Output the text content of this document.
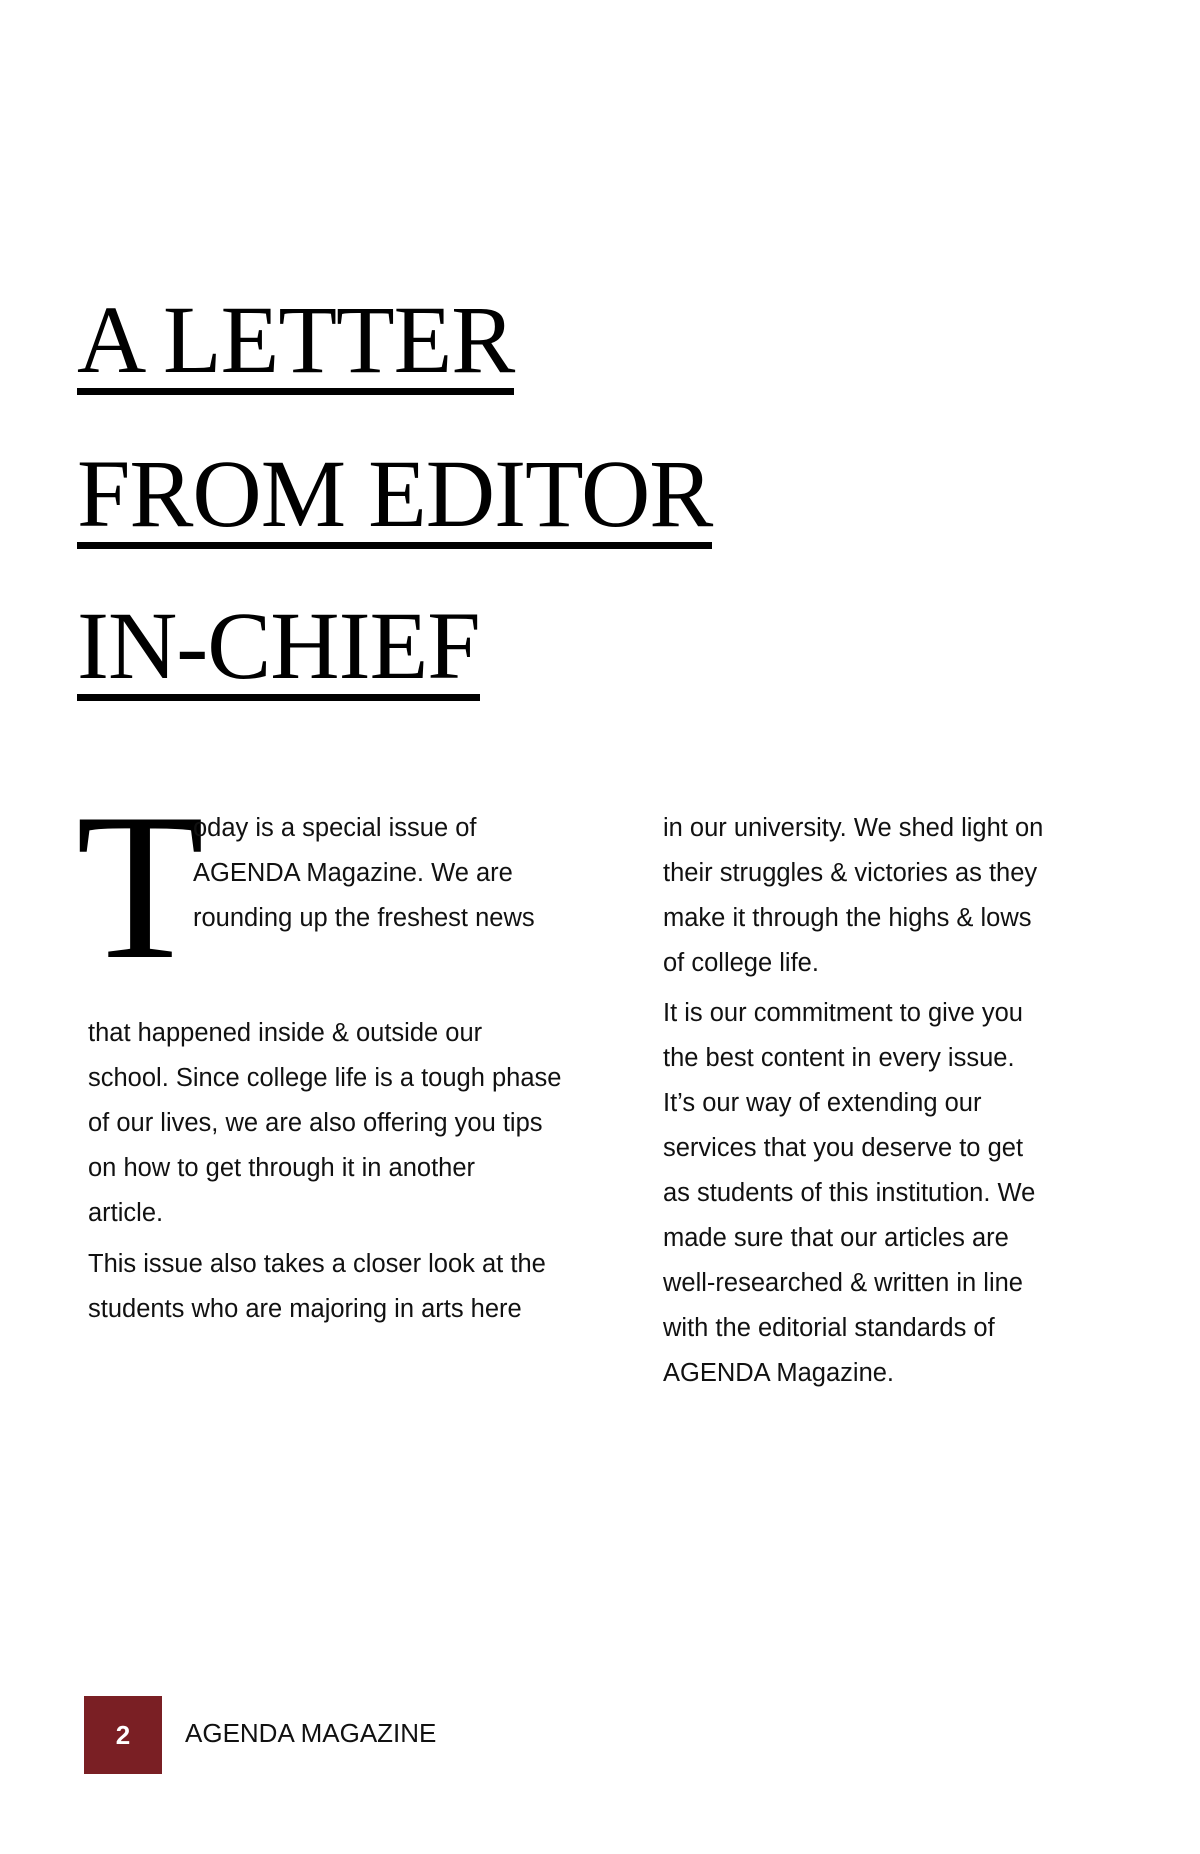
A LETTER
FROM EDITOR
IN-CHIEF
T
oday is a special issue of
AGENDA Magazine. We are
rounding up the freshest news
that happened inside & outside our
school. Since college life is a tough phase
of our lives, we are also offering you tips
on how to get through it in another
article.
This issue also takes a closer look at the
students who are majoring in arts here
in our university. We shed light on
their struggles & victories as they
make it through the highs & lows
of college life.
It is our commitment to give you
the best content in every issue.
It’s our way of extending our
services that you deserve to get
as students of this institution. We
made sure that our articles are
well-researched & written in line
with the editorial standards of
AGENDA Magazine.
2	AGENDA MAGAZINE
